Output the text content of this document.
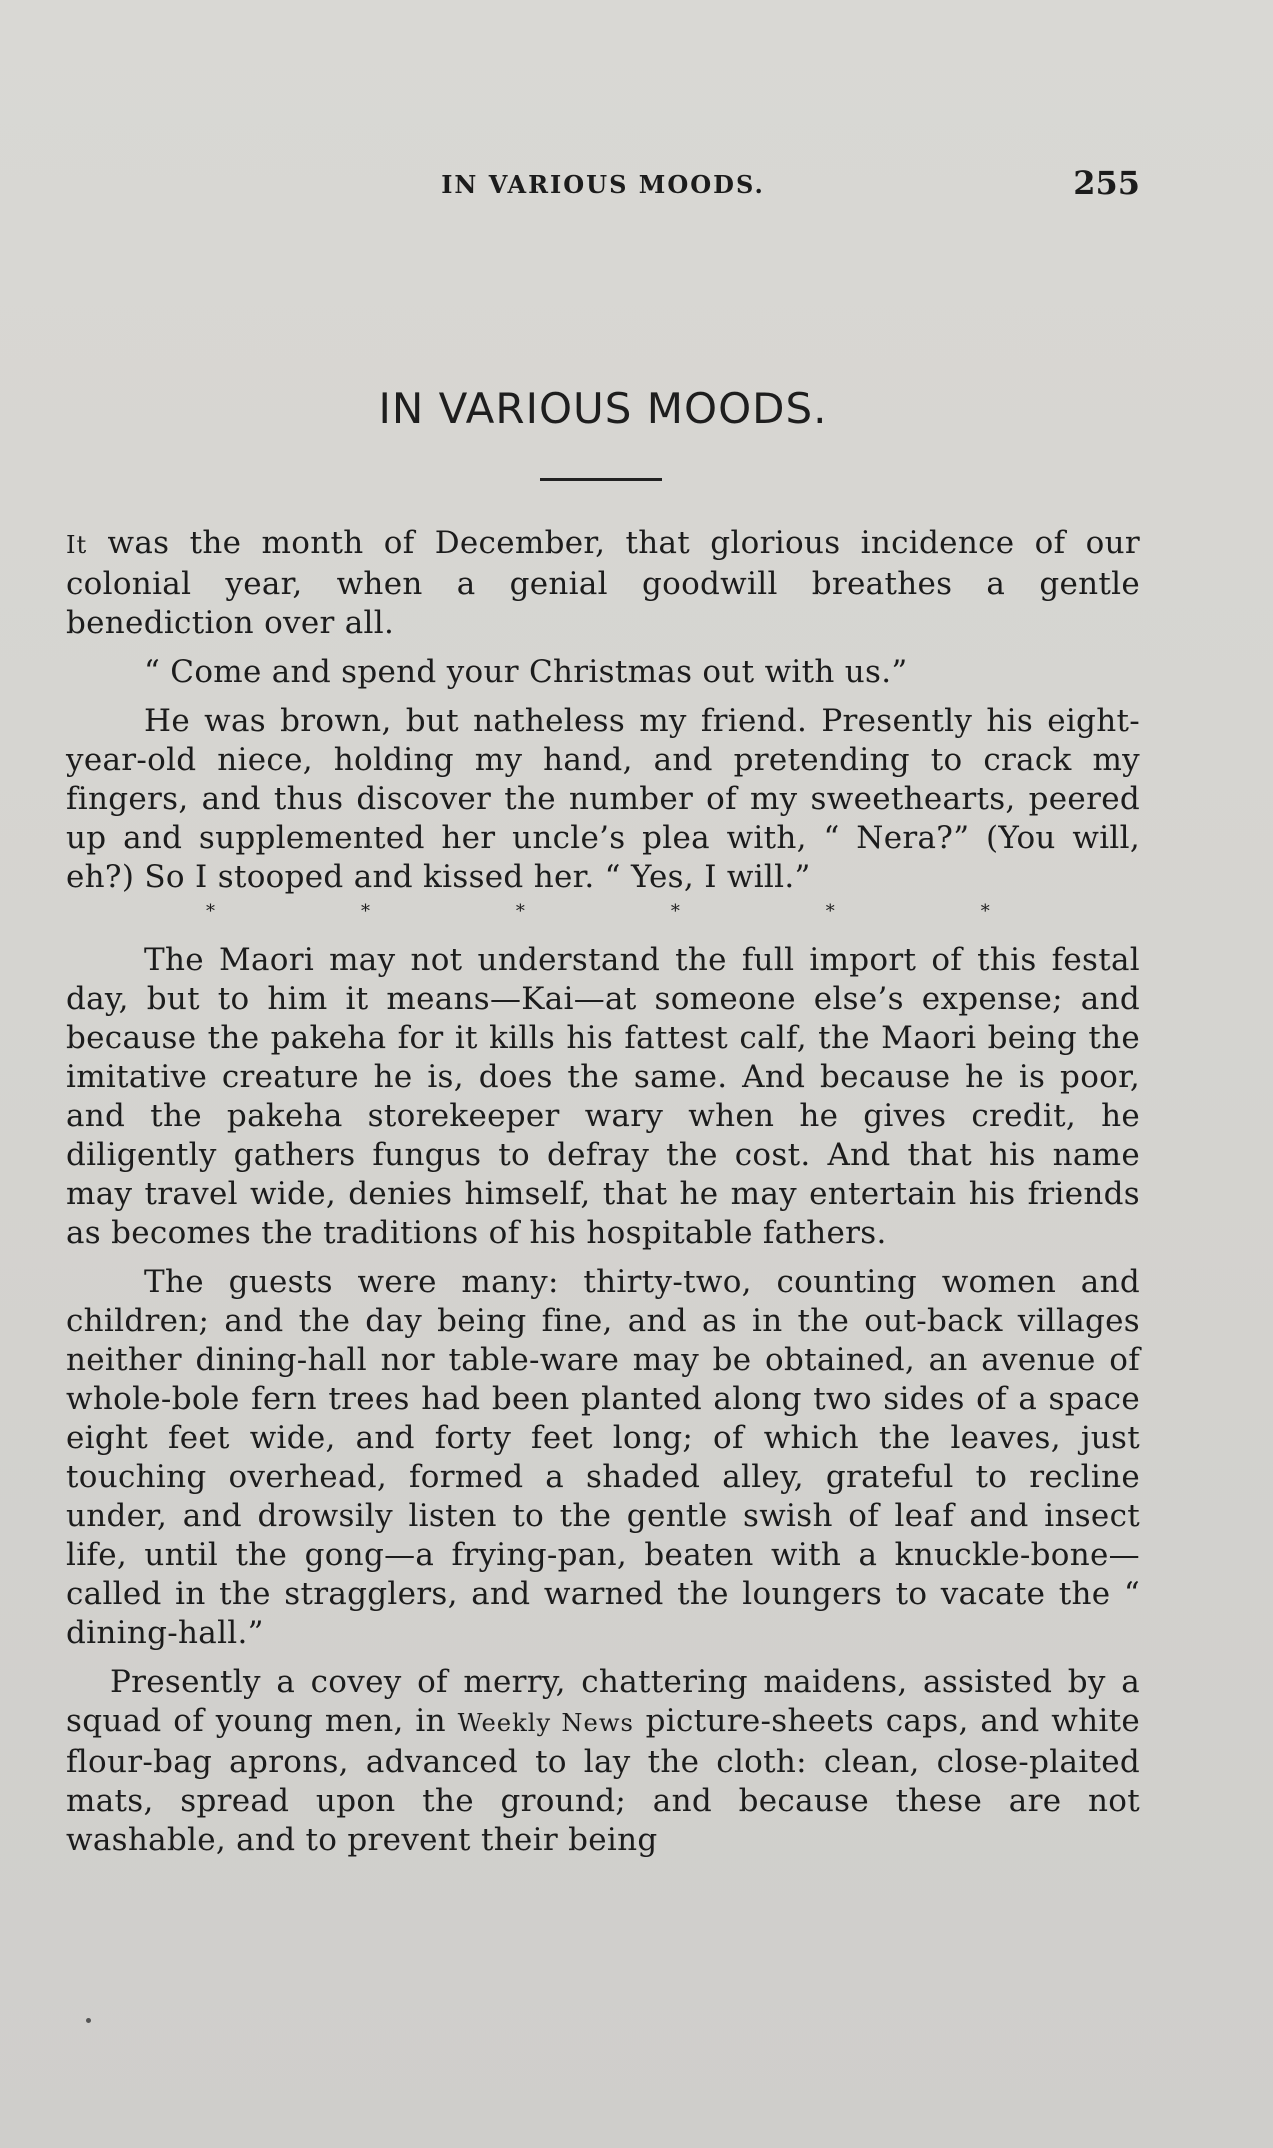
IN VARIOUS MOODS.	255
IN VARIOUS MOODS.

It was the month of December, that glorious incidence of our colonial year, when a genial goodwill breathes a gentle benediction over all.

“ Come and spend your Christmas out with us.”

He was brown, but natheless my friend. Presently his eight-year-old niece, holding my hand, and pretending to crack my fingers, and thus discover the number of my sweethearts, peered up and supplemented her uncle’s plea with, “ Nera?” (You will, eh?) So I stooped and kissed her. “ Yes, I will.”

*	*	*	*	*	*

The Maori may not understand the full import of this festal day, but to him it means—Kai—at someone else’s expense; and because the pakeha for it kills his fattest calf, the Maori being the imitative creature he is, does the same. And because he is poor, and the pakeha storekeeper wary when he gives credit, he diligently gathers fungus to defray the cost. And that his name may travel wide, denies himself, that he may entertain his friends as becomes the traditions of his hospitable fathers.

The guests were many: thirty-two, counting women and children; and the day being fine, and as in the out-back villages neither dining-hall nor table-ware may be obtained, an avenue of whole-bole fern trees had been planted along two sides of a space eight feet wide, and forty feet long; of which the leaves, just touching overhead, formed a shaded alley, grateful to recline under, and drowsily listen to the gentle swish of leaf and insect life, until the gong—a frying-pan, beaten with a knuckle-bone—called in the stragglers, and warned the loungers to vacate the “ dining-hall.”

Presently a covey of merry, chattering maidens, assisted by a squad of young men, in Weekly News picture-sheets caps, and white flour-bag aprons, advanced to lay the cloth: clean, close-plaited mats, spread upon the ground; and because these are not washable, and to prevent their being
